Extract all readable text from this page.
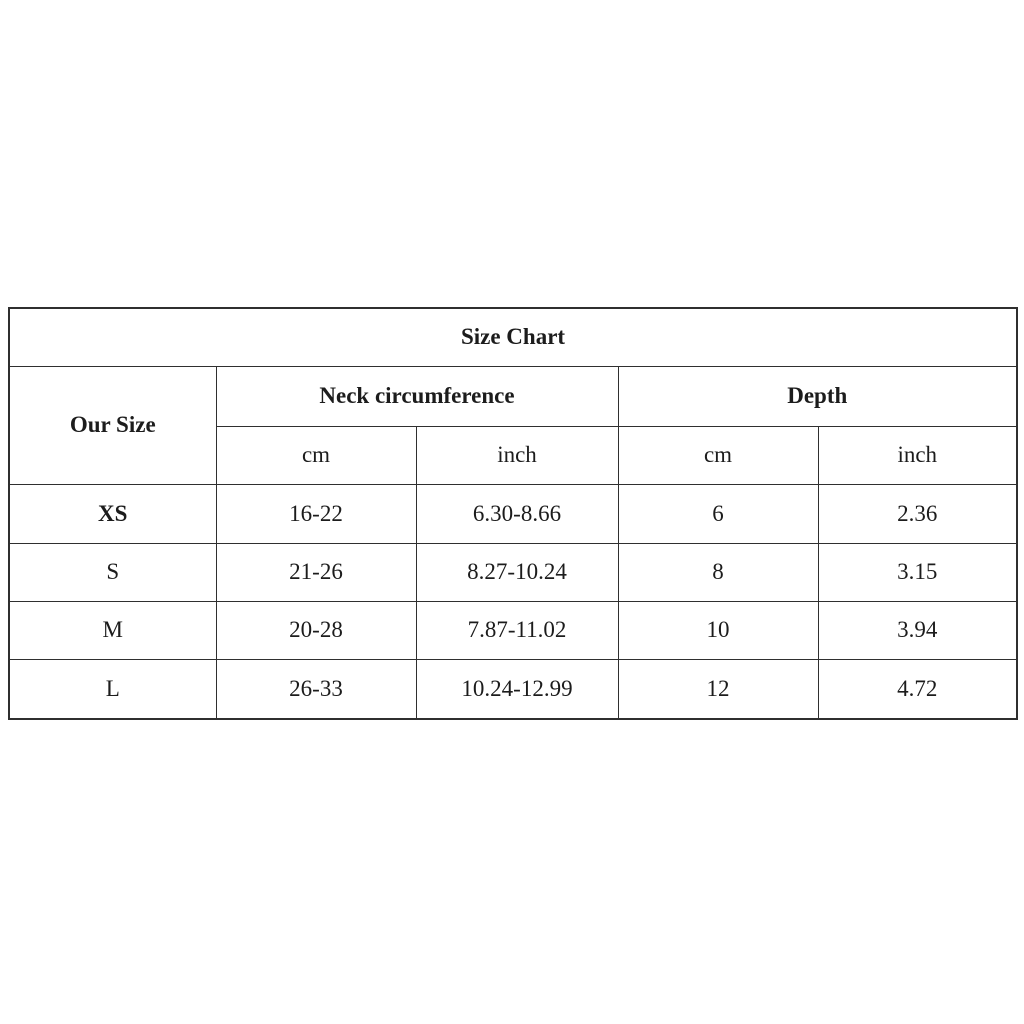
Size Chart				
Our Size	Neck circumference		Depth	
	cm	inch	cm	inch
XS	16-22	6.30-8.66	6	2.36
S	21-26	8.27-10.24	8	3.15
M	20-28	7.87-11.02	10	3.94
L	26-33	10.24-12.99	12	4.72
